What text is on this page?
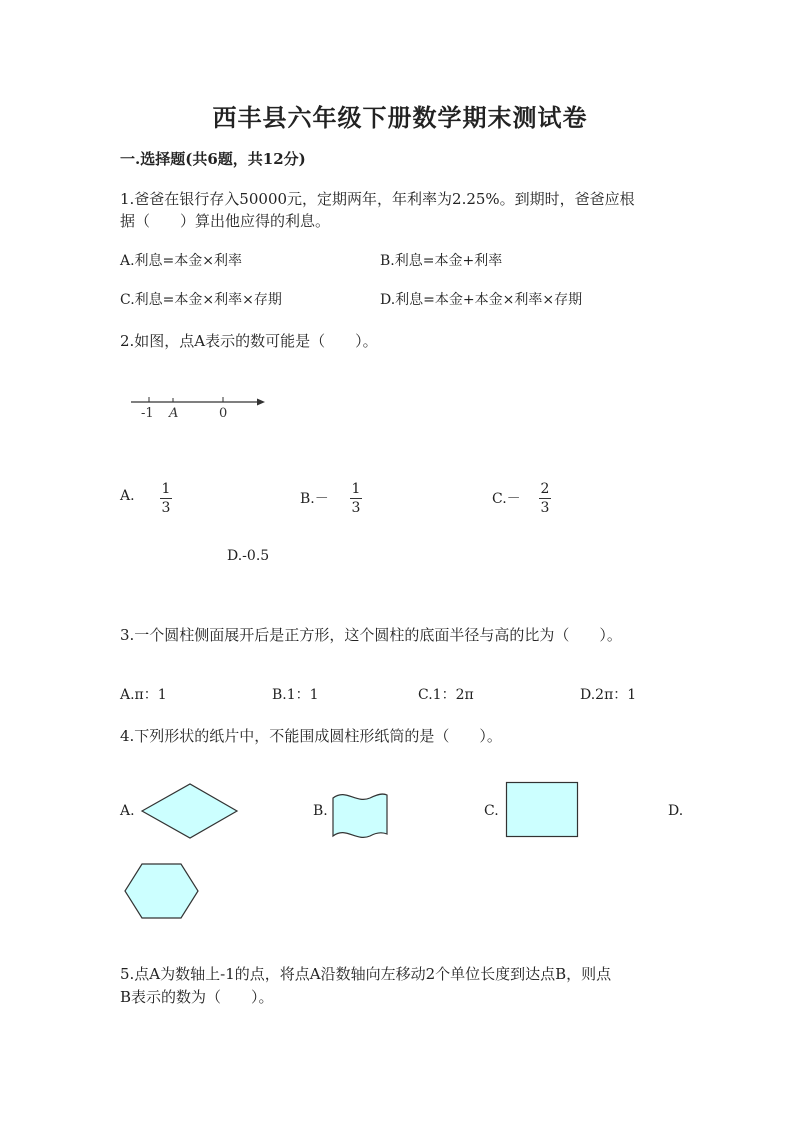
西丰县六年级下册数学期末测试卷
一.选择题(共6题，共12分)
1.爸爸在银行存入50000元，定期两年，年利率为2.25%。到期时，爸爸应根
据（　　）算出他应得的利息。
A.利息=本金×利率	B.利息=本金+利率
C.利息=本金×利率×存期	D.利息=本金+本金×利率×存期
2.如图，点A表示的数可能是（　　）。
-1 A	0
A. 1
3
B.－
1
3
C.－
2
3
D.-0.5
3.一个圆柱侧面展开后是正方形，这个圆柱的底面半径与高的比为（　　）。
A.π：1	B.1：1	C.1：2π	D.2π：1
4.下列形状的纸片中，不能围成圆柱形纸筒的是（　　）。
A.	B.	C.	D.
5.点A为数轴上-1的点，将点A沿数轴向左移动2个单位长度到达点B，则点
B表示的数为（　　）。
